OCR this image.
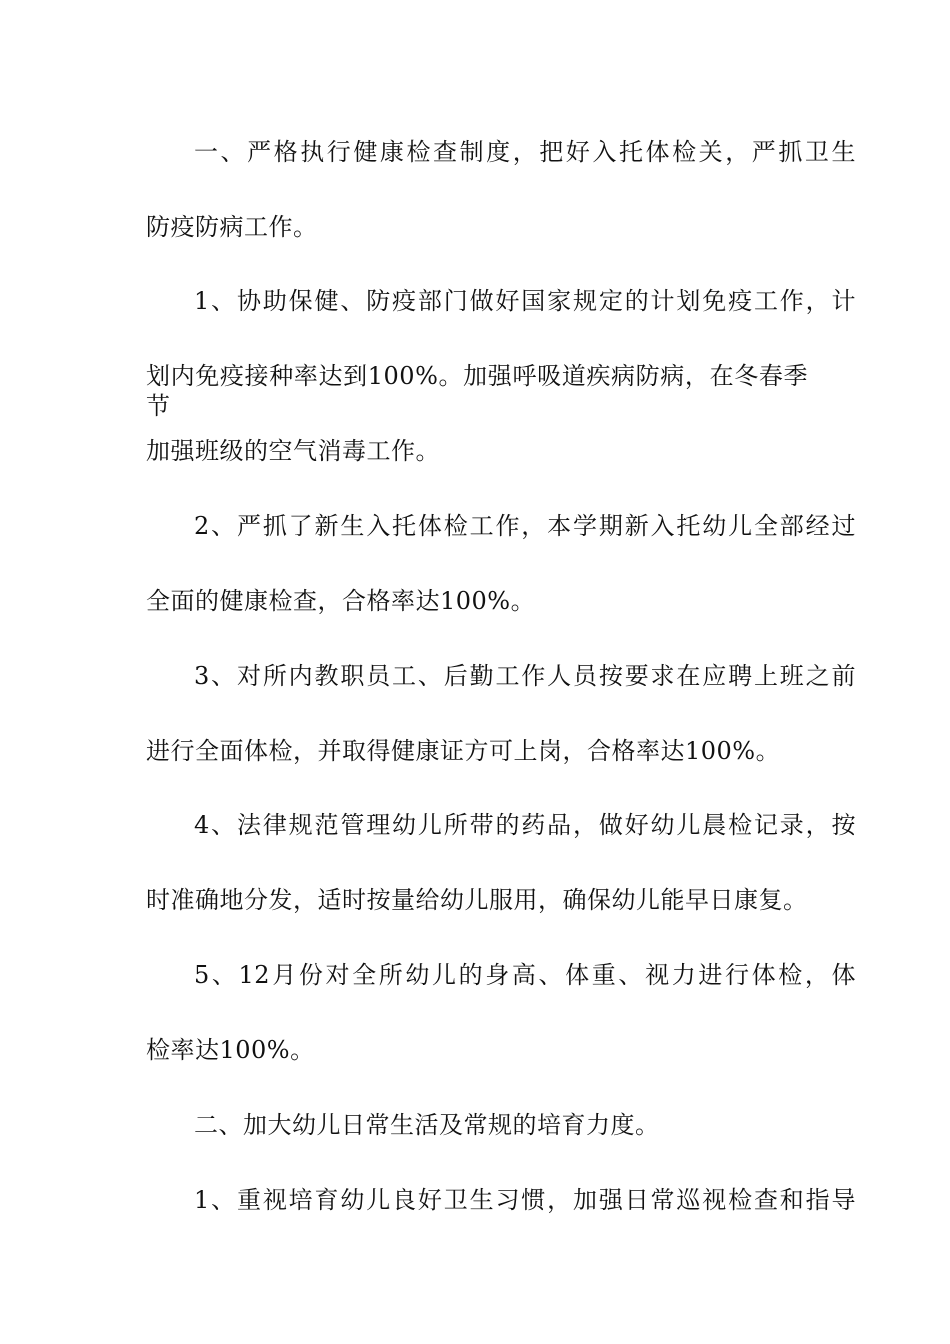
一、严格执行健康检查制度，把好入托体检关，严抓卫生
防疫防病工作。
1、协助保健、防疫部门做好国家规定的计划免疫工作，计
划内免疫接种率达到100%。加强呼吸道疾病防病，在冬春季节
加强班级的空气消毒工作。
2、严抓了新生入托体检工作，本学期新入托幼儿全部经过
全面的健康检查，合格率达100%。
3、对所内教职员工、后勤工作人员按要求在应聘上班之前
进行全面体检，并取得健康证方可上岗，合格率达100%。
4、法律规范管理幼儿所带的药品，做好幼儿晨检记录，按
时准确地分发，适时按量给幼儿服用，确保幼儿能早日康复。
5、12月份对全所幼儿的身高、体重、视力进行体检，体
检率达100%。
二、加大幼儿日常生活及常规的培育力度。
1、重视培育幼儿良好卫生习惯，加强日常巡视检查和指导
